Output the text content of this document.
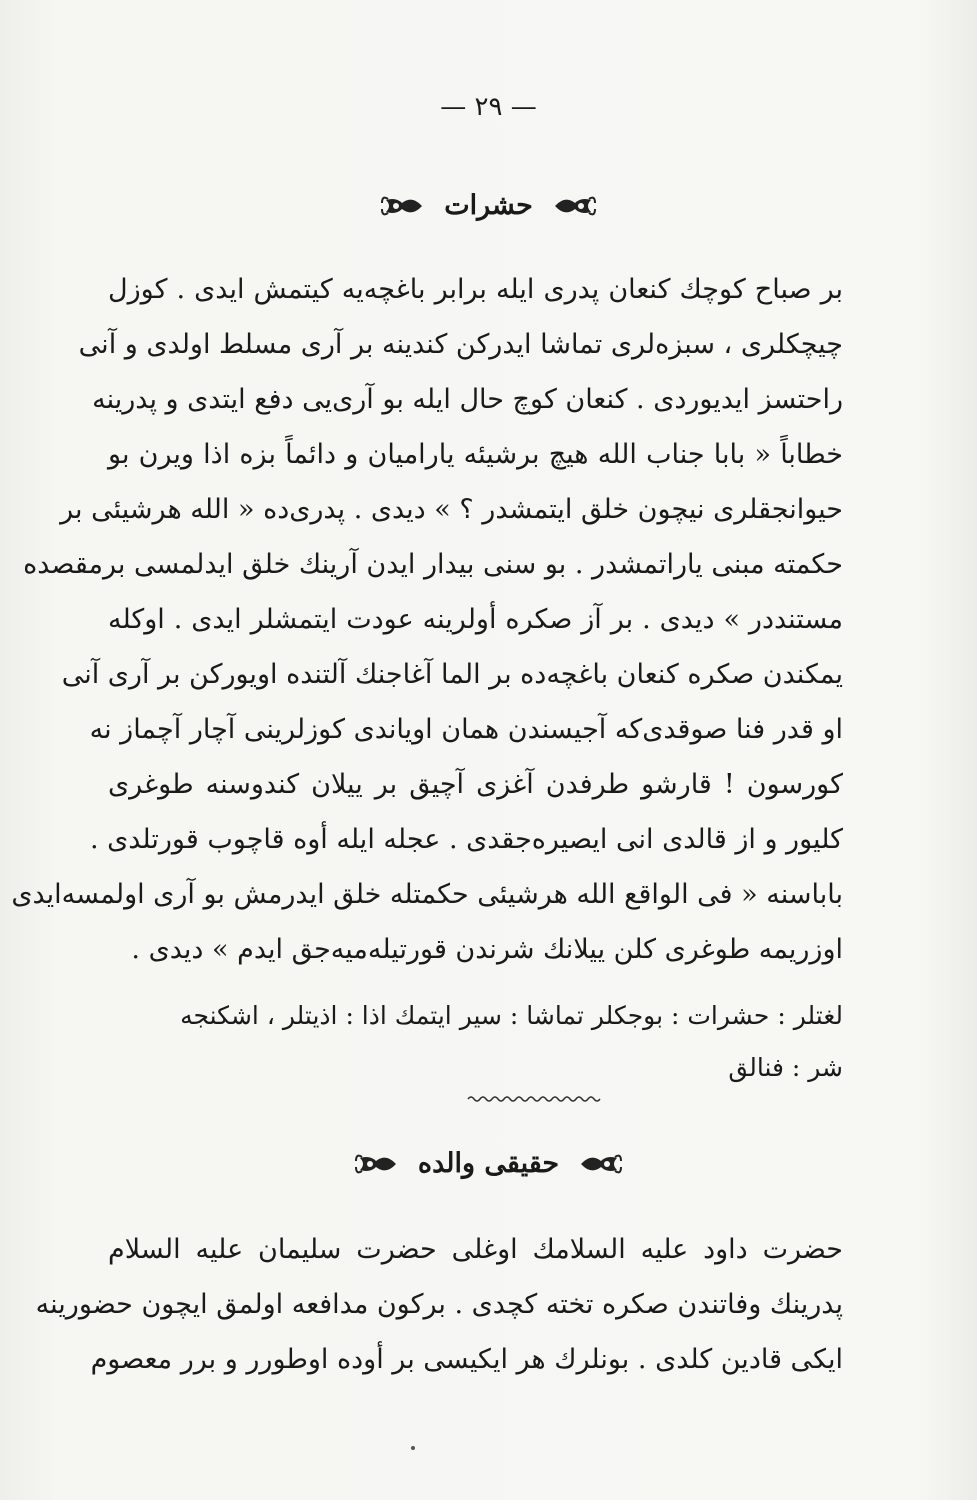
— ٢٩ —
حشرات
بر صباح كوچك كنعان پدری ایله برابر باغچه‌یه كیتمش ایدی . كوزل
چیچكلری ، سبزه‌لری تماشا ایدركن كندینه بر آری مسلط اولدی و آنی
راحتسز ایدیوردی . كنعان كوچ حال ایله بو آری‌یی دفع ایتدی و پدرینه
خطاباً « بابا جناب الله هیچ برشیئه یارامیان و دائماً بزه اذا ویرن بو
حیوانجقلری نیچون خلق ایتمشدر ؟ » دیدی . پدری‌ده « الله هرشیئی بر
حكمته مبنی یاراتمشدر . بو سنی بیدار ایدن آرینك خلق ایدلمسی برمقصده
مستنددر » دیدی . بر آز صكره أولرینه عودت ایتمشلر ایدی . اوكله
یمكندن صكره كنعان باغچه‌ده بر الما آغاجنك آلتنده اویوركن بر آری آنی
او قدر فنا صوقدی‌كه آجیسندن همان اویاندی كوزلرینی آچار آچماز نه
كورسون ! قارشو طرفدن آغزی آچیق بر ییلان كندوسنه طوغری
كلیور و از قالدی انی ایصیره‌جقدی . عجله ایله أوه قاچوب قورتلدی .
باباسنه « فی الواقع الله هرشیئی حكمتله خلق ایدرمش بو آری اولمسه‌ایدی
اوزریمه طوغری كلن ییلانك شرندن قورتیله‌میه‌جق ایدم » دیدی .
لغتلر : حشرات : بوجكلر تماشا : سیر ایتمك اذا : اذیتلر ، اشكنجه
شر : فنالق
حقیقی والده
حضرت داود علیه السلامك اوغلی حضرت سلیمان علیه السلام
پدرینك وفاتندن صكره تخته كچدی . بركون مدافعه اولمق ایچون حضورینه
ایكی قادین كلدی . بونلرك هر ایكیسی بر أوده اوطورر و برر معصوم
